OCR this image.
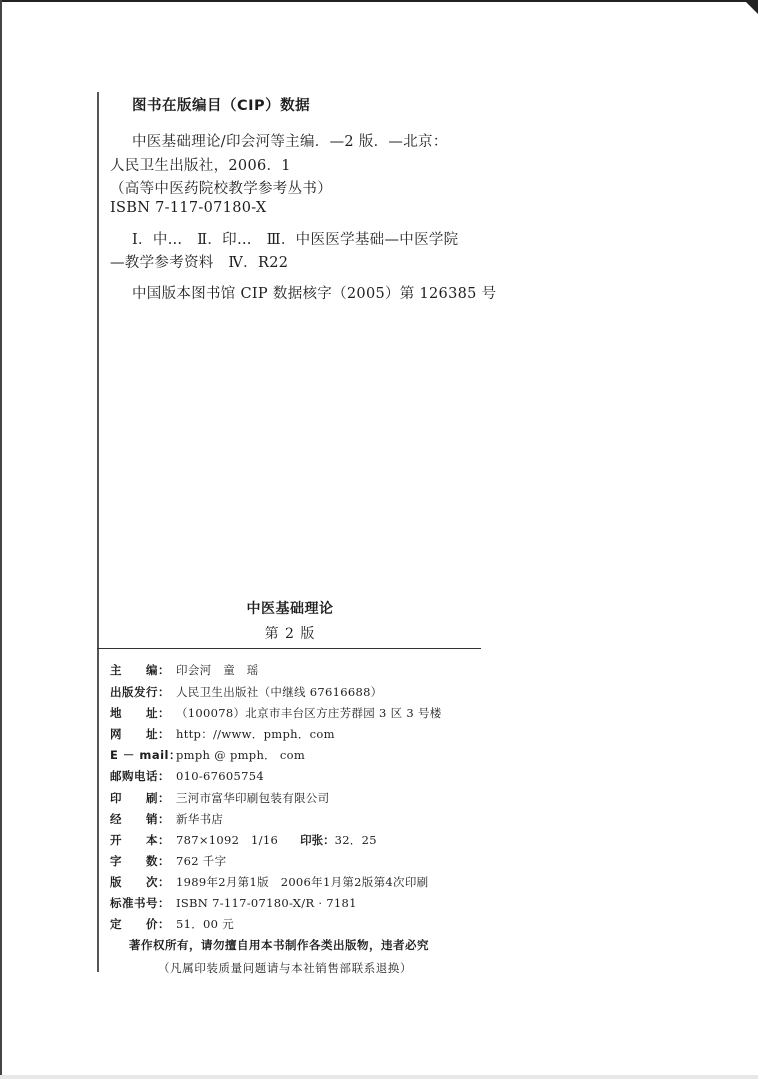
图书在版编目（CIP）数据
中医基础理论/印会河等主编．—2 版．—北京：
人民卫生出版社，2006．1
（高等中医药院校教学参考丛书）
ISBN 7-117-07180-X
Ⅰ．中…　Ⅱ．印…　Ⅲ．中医医学基础—中医学院
—教学参考资料　Ⅳ．R22
中国版本图书馆 CIP 数据核字（2005）第 126385 号
中医基础理论
第 2 版
主　　编： 印会河　童　瑶
出版发行： 人民卫生出版社（中继线 67616688）
地　　址： （100078）北京市丰台区方庄芳群园 3 区 3 号楼
网　　址： http：//www．pmph．com
E － mail：pmph @ pmph． com
邮购电话： 010-67605754
印　　刷： 三河市富华印刷包装有限公司
经　　销： 新华书店
开　　本： 787×1092　1/16 印张：32．25
字　　数： 762 千字
版　　次： 1989年2月第1版　2006年1月第2版第4次印刷
标准书号： ISBN 7-117-07180-X/R · 7181
定　　价： 51．00 元
著作权所有，请勿擅自用本书制作各类出版物，违者必究
（凡属印装质量问题请与本社销售部联系退换）
